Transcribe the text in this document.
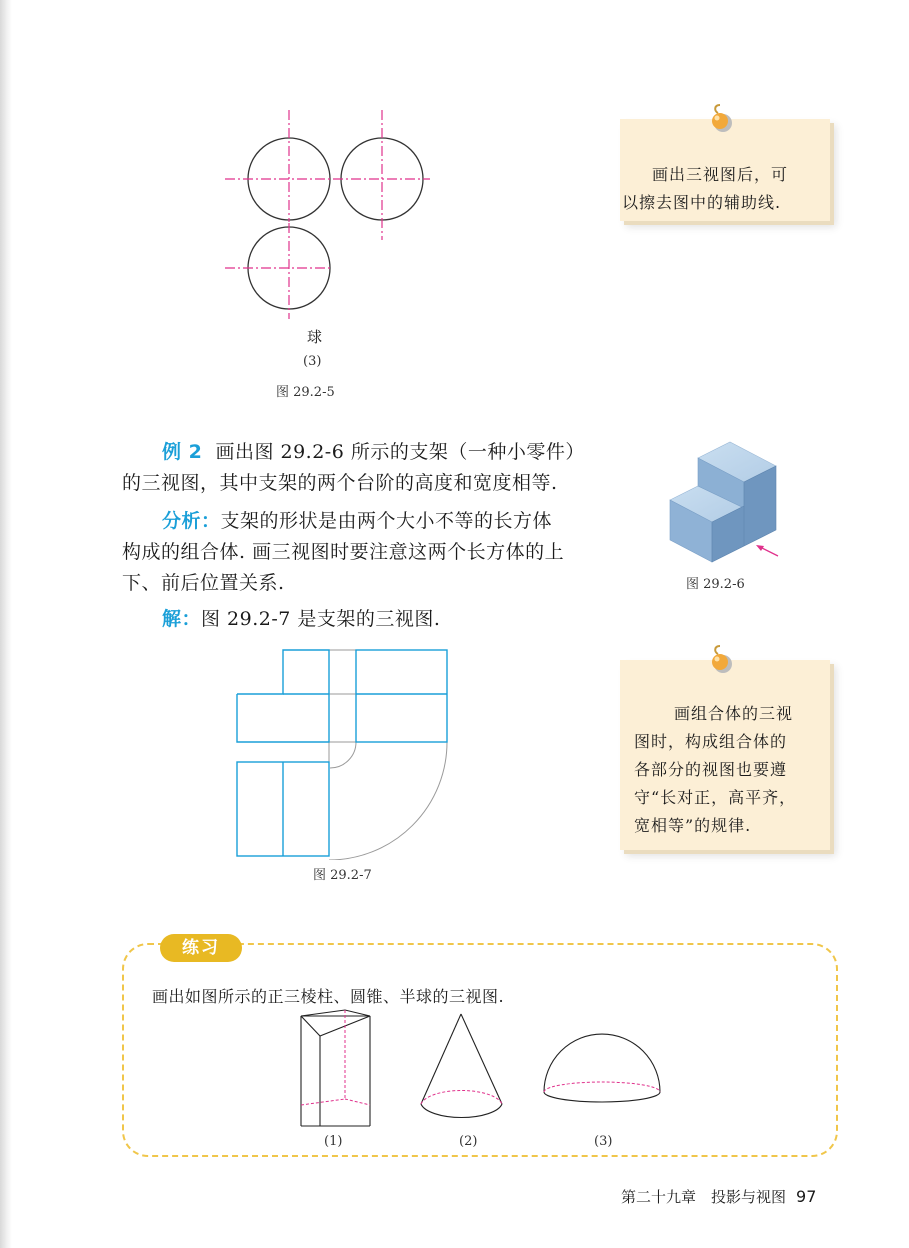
球
(3)
图 29.2-5
画出三视图后，可
以擦去图中的辅助线.
例 2 画出图 29.2-6 所示的支架（一种小零件）
的三视图，其中支架的两个台阶的高度和宽度相等.
分析：支架的形状是由两个大小不等的长方体
构成的组合体. 画三视图时要注意这两个长方体的上
下、前后位置关系.
解：图 29.2-7 是支架的三视图.
图 29.2-6
图 29.2-7
画组合体的三视
图时，构成组合体的
各部分的视图也要遵
守“长对正，高平齐，
宽相等”的规律.
练习
画出如图所示的正三棱柱、圆锥、半球的三视图.
(1)	(2)	(3)
第二十九章　投影与视图 97
